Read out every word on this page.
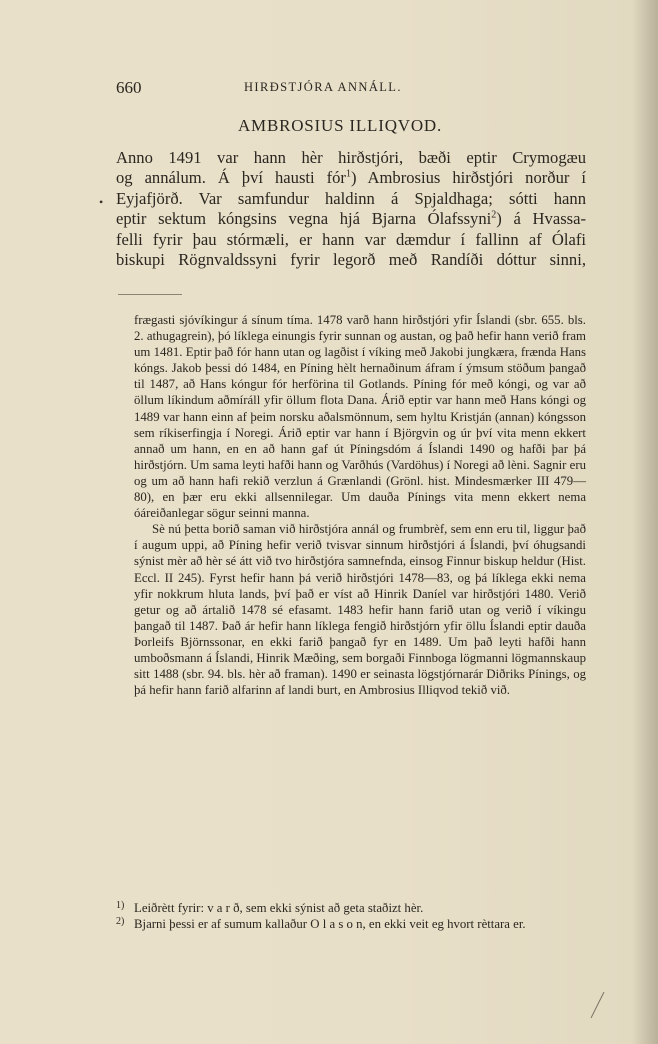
660	HIRÐSTJÓRA ANNÁLL.
AMBROSIUS ILLIQVOD.
•
Anno 1491 var hann hèr hirðstjóri, bæði eptir Crymogæu
og annálum. Á því hausti fór$^1$) Ambrosius hirðstjóri norður í
Eyjafjörð. Var samfundur haldinn á Spjaldhaga; sótti hann
eptir sektum kóngsins vegna hjá Bjarna Ólafssyni$^2$) á Hvassa-
felli fyrir þau stórmæli, er hann var dæmdur í fallinn af Ólafi
biskupi Rögnvaldssyni fyrir legorð með Randíði dóttur sinni,

frægasti sjóvíkingur á sínum tíma. 1478 varð hann hirðstjóri yfir Íslandi (sbr. 655. bls. 2. athugagrein), þó líklega einungis fyrir sunnan og austan, og það hefir hann verið fram um 1481. Eptir það fór hann utan og lagðist í víking með Jakobi jungkæra, frænda Hans kóngs. Jakob þessi dó 1484, en Píning hèlt hernaðinum áfram í ýmsum stöðum þangað til 1487, að Hans kóngur fór herförina til Gotlands. Píning fór með kóngi, og var að öllum líkindum aðmíráll yfir öllum flota Dana. Árið eptir var hann með Hans kóngi og 1489 var hann einn af þeim norsku aðalsmönnum, sem hyltu Kristján (annan) kóngsson sem ríkiserfingja í Noregi. Árið eptir var hann í Björgvin og úr því vita menn ekkert annað um hann, en en að hann gaf út Píningsdóm á Íslandi 1490 og hafði þar þá hirðstjórn. Um sama leyti hafði hann og Varðhús (Vardöhus) í Noregi að lèni. Sagnir eru og um að hann hafi rekið verzlun á Grænlandi (Grönl. hist. Mindesmærker III 479—80), en þær eru ekki allsennilegar. Um dauða Pínings vita menn ekkert nema óáreiðanlegar sögur seinni manna.

Sè nú þetta borið saman við hirðstjóra annál og frumbrèf, sem enn eru til, liggur það í augum uppi, að Píning hefir verið tvisvar sinnum hirðstjóri á Íslandi, því óhugsandi sýnist mèr að hèr sé átt við tvo hirðstjóra samnefnda, einsog Finnur biskup heldur (Hist. Eccl. II 245). Fyrst hefir hann þá verið hirðstjóri 1478—83, og þá líklega ekki nema yfir nokkrum hluta lands, því það er víst að Hinrik Daníel var hirðstjóri 1480. Verið getur og að ártalið 1478 sé efasamt. 1483 hefir hann farið utan og verið í víkingu þangað til 1487. Það ár hefir hann líklega fengið hirðstjórn yfir öllu Íslandi eptir dauða Þorleifs Björnssonar, en ekki farið þangað fyr en 1489. Um það leyti hafði hann umboðsmann á Íslandi, Hinrik Mæðing, sem borgaði Finnboga lögmanni lögmannskaup sitt 1488 (sbr. 94. bls. hèr að framan). 1490 er seinasta lögstjórnarár Diðriks Pínings, og þá hefir hann farið alfarinn af landi burt, en Ambrosius Illiqvod tekið við.

1) Leiðrètt fyrir: v a r ð, sem ekki sýnist að geta staðizt hèr.
2) Bjarni þessi er af sumum kallaður O l a s o n, en ekki veit eg hvort rèttara er.
